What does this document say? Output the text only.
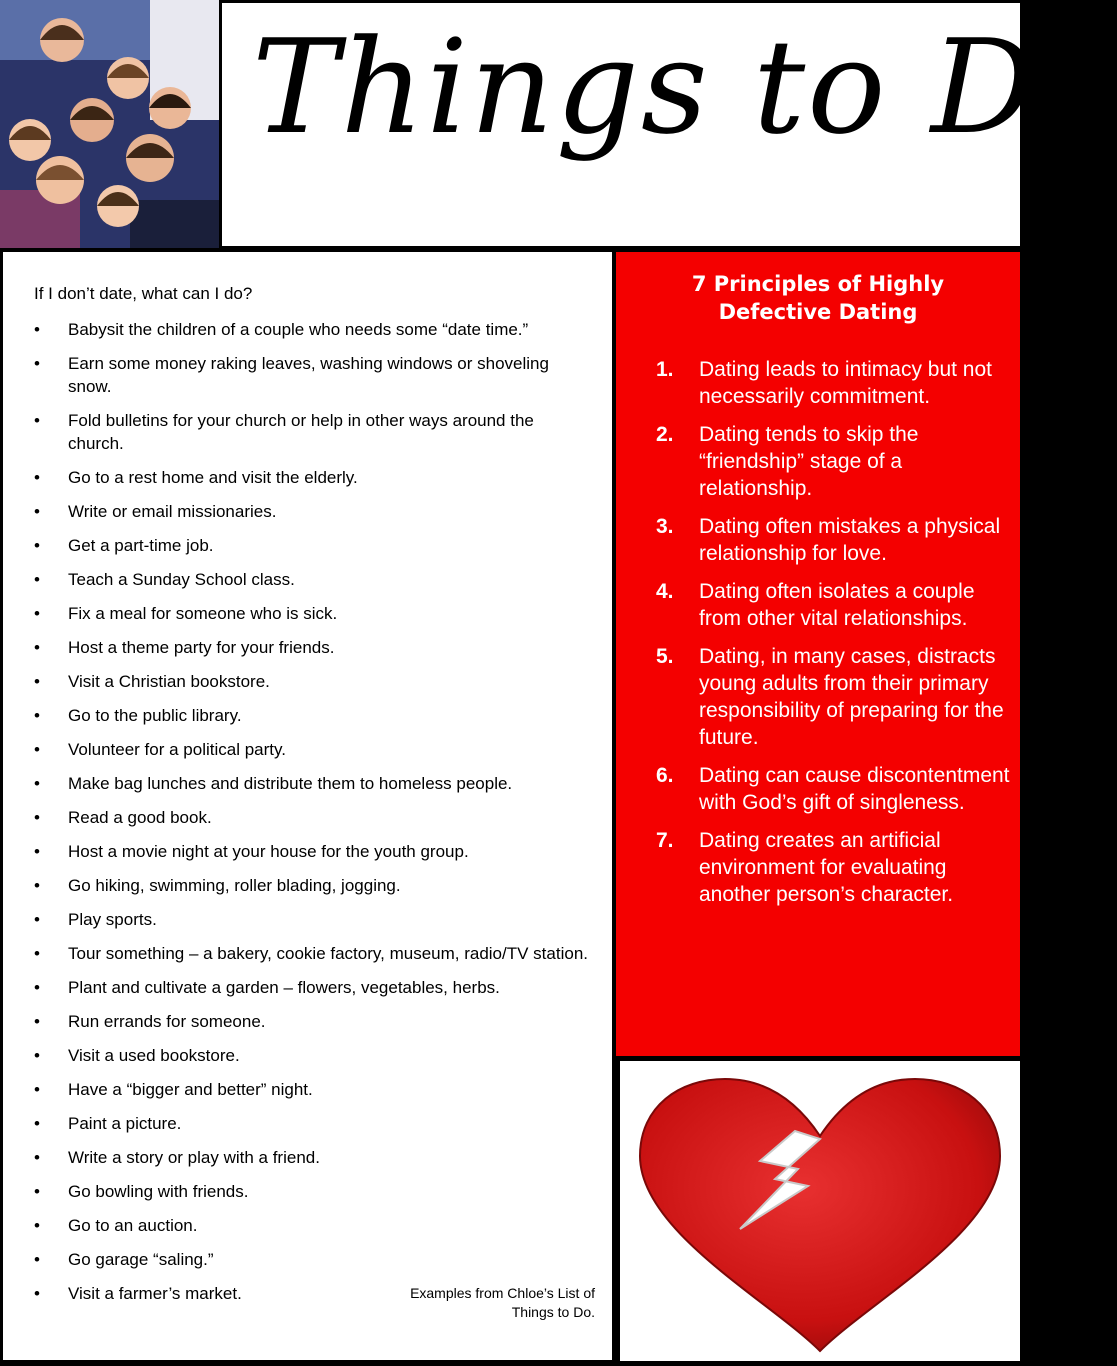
Things to Do
If I don’t date, what can I do?
• Babysit the children of a couple who needs some “date time.”
• Earn some money raking leaves, washing windows or shoveling snow.
• Fold bulletins for your church or help in other ways around the church.
• Go to a rest home and visit the elderly.
• Write or email missionaries.
• Get a part-time job.
• Teach a Sunday School class.
• Fix a meal for someone who is sick.
• Host a theme party for your friends.
• Visit a Christian bookstore.
• Go to the public library.
• Volunteer for a political party.
• Make bag lunches and distribute them to homeless people.
• Read a good book.
• Host a movie night at your house for the youth group.
• Go hiking, swimming, roller blading, jogging.
• Play sports.
• Tour something – a bakery, cookie factory, museum, radio/TV station.
• Plant and cultivate a garden – flowers, vegetables, herbs.
• Run errands for someone.
• Visit a used bookstore.
• Have a “bigger and better” night.
• Paint a picture.
• Write a story or play with a friend.
• Go bowling with friends.
• Go to an auction.
• Go garage “saling.”
• Visit a farmer’s market.	Examples from Chloe’s List of
Things to Do.
7 Principles of Highly
Defective Dating
1. Dating leads to intimacy but not necessarily commitment.
2. Dating tends to skip the “friendship” stage of a relationship.
3. Dating often mistakes a physical relationship for love.
4. Dating often isolates a couple from other vital relationships.
5. Dating, in many cases, distracts young adults from their primary responsibility of preparing for the future.
6. Dating can cause discontentment with God’s gift of singleness.
7. Dating creates an artificial environment for evaluating another person’s character.
